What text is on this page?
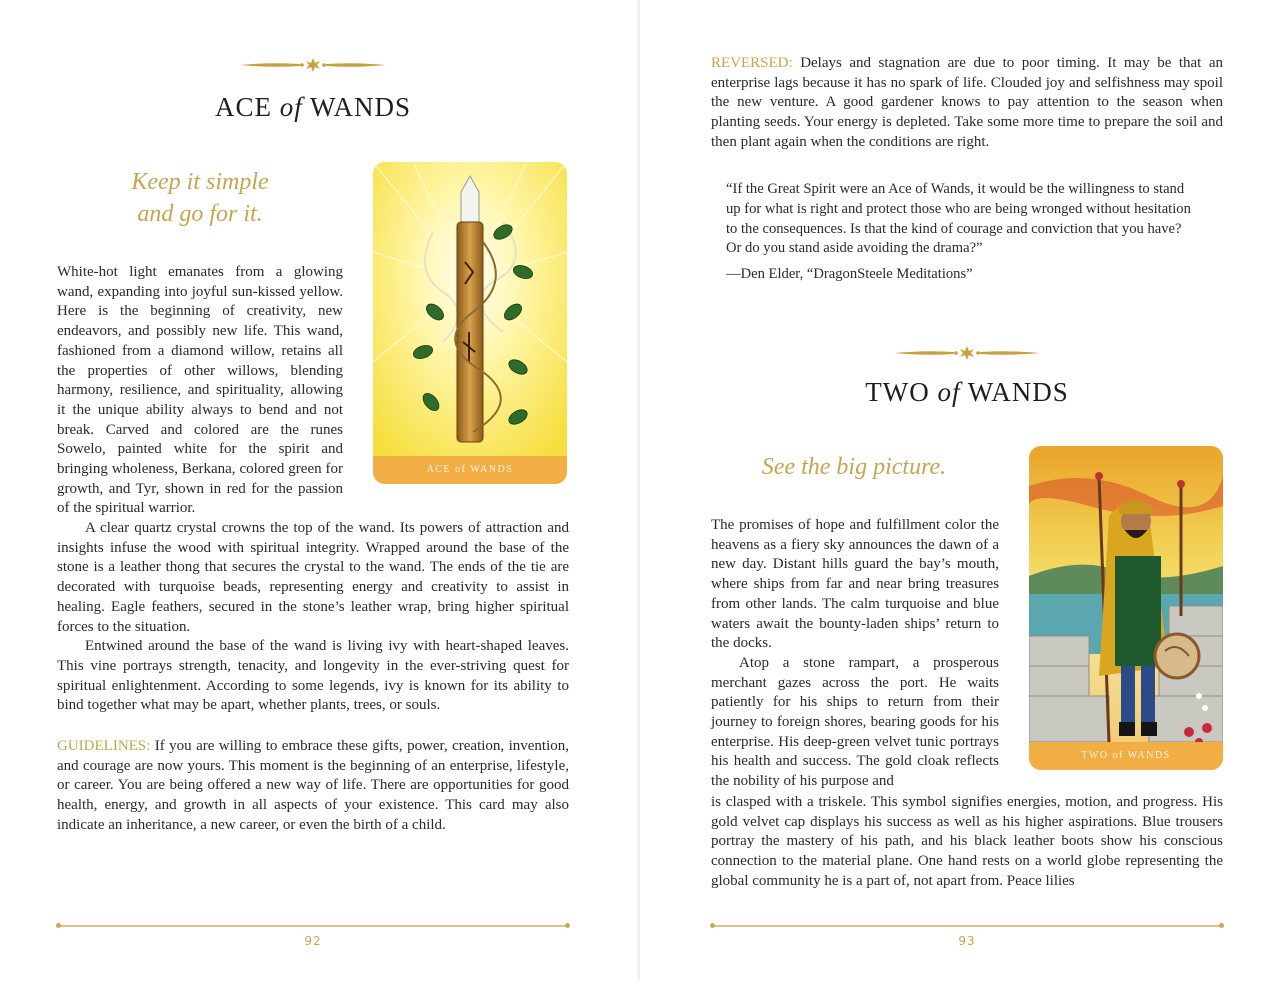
ACE of WANDS
Keep it simple
and go for it.
ACE of WANDS

White-hot light emanates from a glowing wand, expanding into joyful sun-kissed yellow. Here is the beginning of creativity, new endeavors, and possibly new life. This wand, fashioned from a diamond willow, retains all the properties of other willows, blending harmony, resilience, and spirituality, allowing it the unique ability always to bend and not break. Carved and colored are the runes Sowelo, painted white for the spirit and bringing wholeness, Berkana, colored green for growth, and Tyr, shown in red for the passion of the spiritual warrior.

A clear quartz crystal crowns the top of the wand. Its powers of attraction and insights infuse the wood with spiritual integrity. Wrapped around the base of the stone is a leather thong that secures the crystal to the wand. The ends of the tie are decorated with turquoise beads, representing energy and creativity to assist in healing. Eagle feathers, secured in the stone’s leather wrap, bring higher spiritual forces to the situation.

Entwined around the base of the wand is living ivy with heart-shaped leaves. This vine portrays strength, tenacity, and longevity in the ever-striving quest for spiritual enlightenment. According to some legends, ivy is known for its ability to bind together what may be apart, whether plants, trees, or souls.

GUIDELINES: If you are willing to embrace these gifts, power, creation, invention, and courage are now yours. This moment is the beginning of an enterprise, lifestyle, or career. You are being offered a new way of life. There are opportunities for good health, energy, and growth in all aspects of your existence. This card may also indicate an inheritance, a new career, or even the birth of a child.

92

REVERSED: Delays and stagnation are due to poor timing. It may be that an enterprise lags because it has no spark of life. Clouded joy and selfishness may spoil the new venture. A good gardener knows to pay attention to the season when planting seeds. Your energy is depleted. Take some more time to prepare the soil and then plant again when the conditions are right.

“If the Great Spirit were an Ace of Wands, it would be the willingness to stand up for what is right and protect those who are being wronged without hesitation to the consequences. Is that the kind of courage and conviction that you have? Or do you stand aside avoiding the drama?”

—Den Elder, “DragonSteele Meditations”

TWO of WANDS
See the big picture.
TWO of WANDS

The promises of hope and fulfillment color the heavens as a fiery sky announces the dawn of a new day. Distant hills guard the bay’s mouth, where ships from far and near bring treasures from other lands. The calm turquoise and blue waters await the bounty-laden ships’ return to the docks.

Atop a stone rampart, a prosperous merchant gazes across the port. He waits patiently for his ships to return from their journey to foreign shores, bearing goods for his enterprise. His deep-green velvet tunic portrays his health and success. The gold cloak reflects the nobility of his purpose and

is clasped with a triskele. This symbol signifies energies, motion, and progress. His gold velvet cap displays his success as well as his higher aspirations. Blue trousers portray the mastery of his path, and his black leather boots show his conscious connection to the material plane. One hand rests on a world globe representing the global community he is a part of, not apart from. Peace lilies

93
